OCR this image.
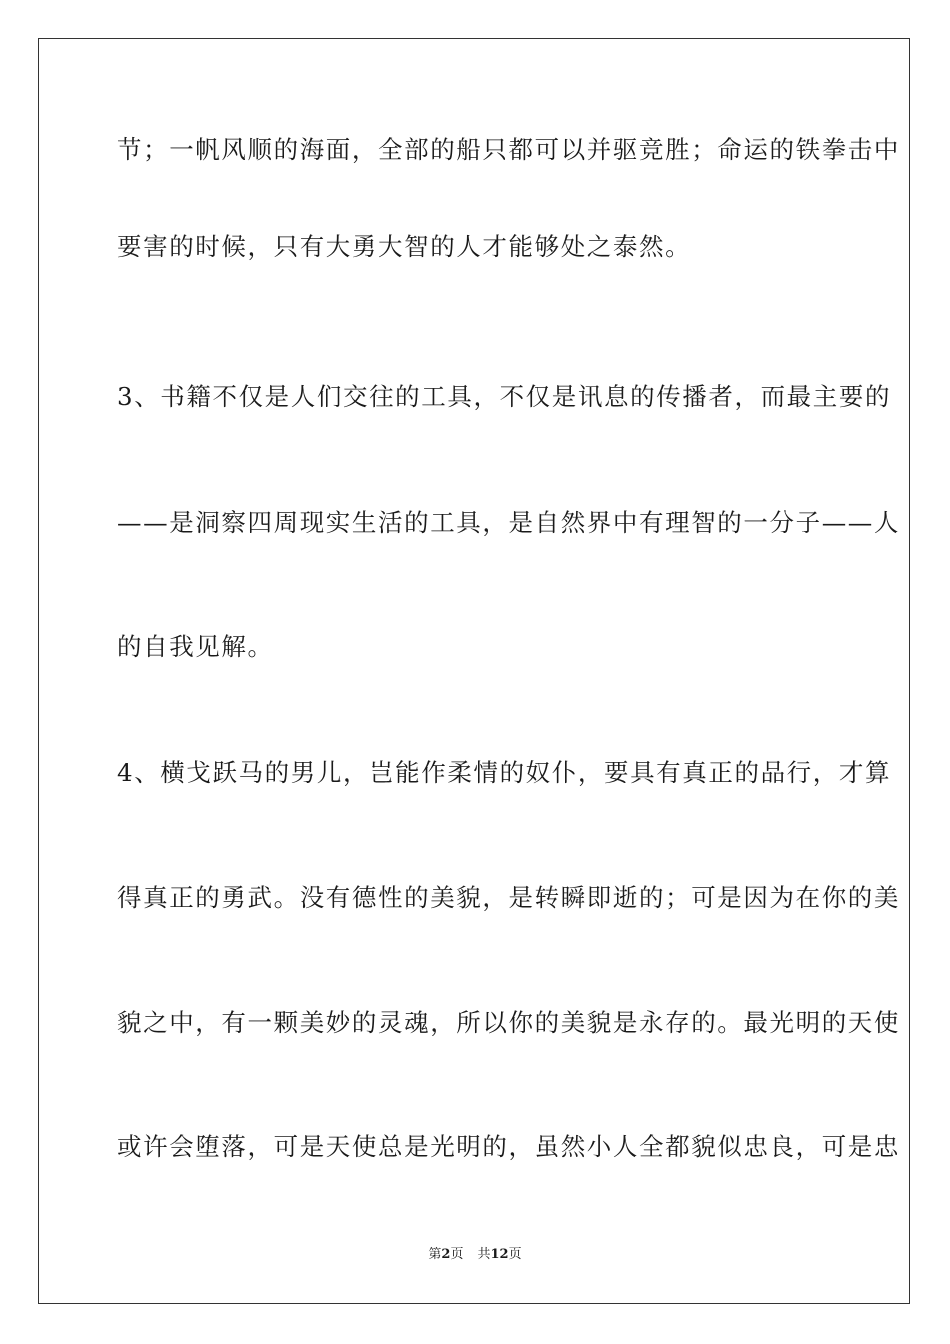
节；一帆风顺的海面，全部的船只都可以并驱竞胜；命运的铁拳击中
要害的时候，只有大勇大智的人才能够处之泰然。
3、书籍不仅是人们交往的工具，不仅是讯息的传播者，而最主要的
——是洞察四周现实生活的工具，是自然界中有理智的一分子——人
的自我见解。
4、横戈跃马的男儿，岂能作柔情的奴仆，要具有真正的品行，才算
得真正的勇武。没有德性的美貌，是转瞬即逝的；可是因为在你的美
貌之中，有一颗美妙的灵魂，所以你的美貌是永存的。最光明的天使
或许会堕落，可是天使总是光明的，虽然小人全都貌似忠良，可是忠
第2页 共12页
